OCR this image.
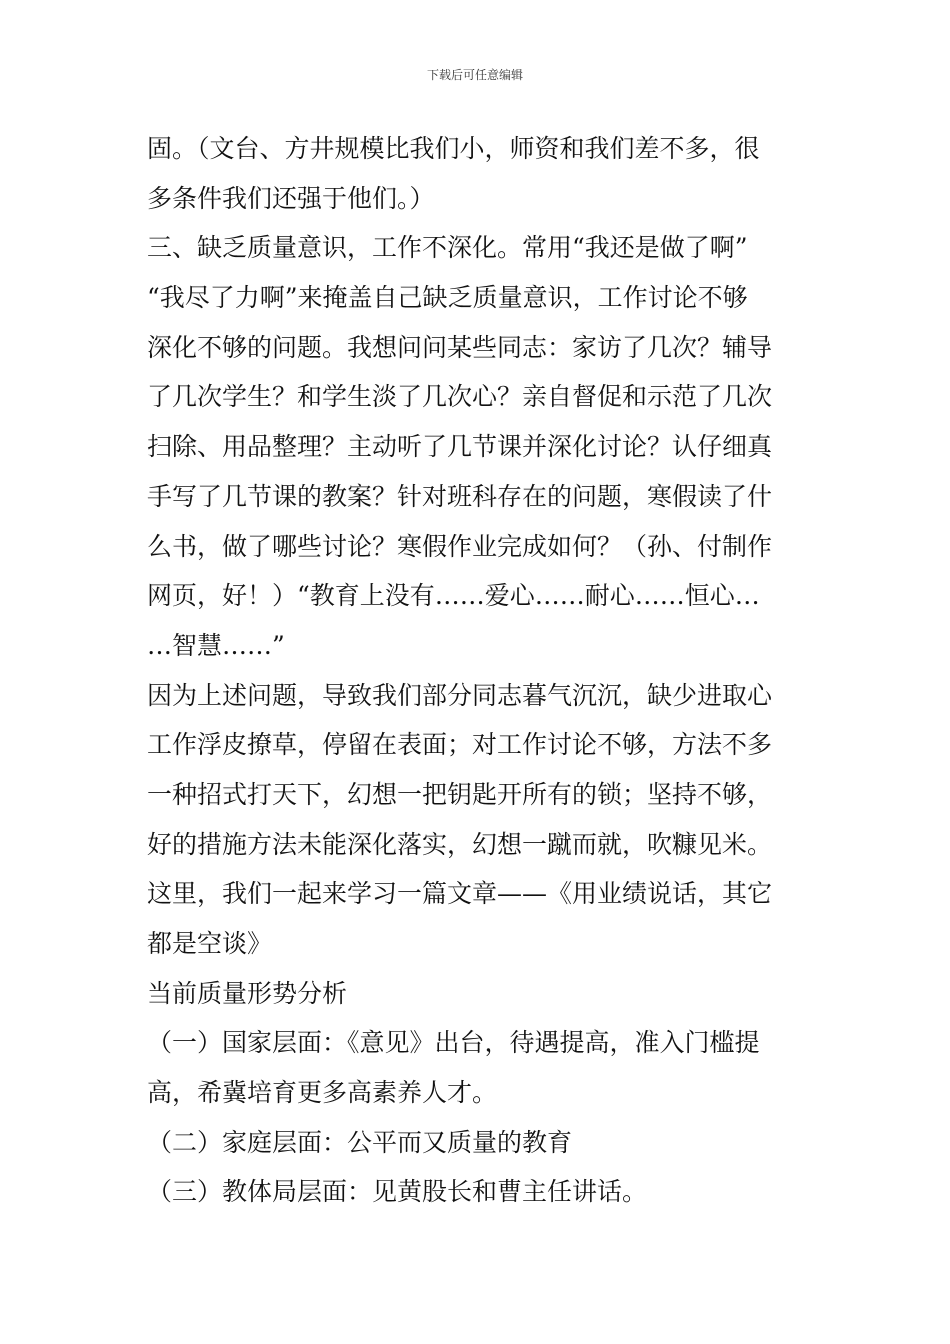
下载后可任意编辑
固。（文台、方井规模比我们小，师资和我们差不多，很
多条件我们还强于他们。）
三、缺乏质量意识，工作不深化。常用“我还是做了啊”
“我尽了力啊”来掩盖自己缺乏质量意识，工作讨论不够
深化不够的问题。我想问问某些同志：家访了几次？辅导
了几次学生？和学生淡了几次心？亲自督促和示范了几次
扫除、用品整理？主动听了几节课并深化讨论？认仔细真
手写了几节课的教案？针对班科存在的问题，寒假读了什
么书，做了哪些讨论？寒假作业完成如何？（孙、付制作
网页，好！）“教育上没有……爱心……耐心……恒心…
…智慧……”
因为上述问题，导致我们部分同志暮气沉沉，缺少进取心
工作浮皮撩草，停留在表面；对工作讨论不够，方法不多
一种招式打天下，幻想一把钥匙开所有的锁；坚持不够，
好的措施方法未能深化落实，幻想一蹴而就，吹糠见米。
这里，我们一起来学习一篇文章——《用业绩说话，其它
都是空谈》
当前质量形势分析
（一）国家层面：《意见》出台，待遇提高，准入门槛提
高，希冀培育更多高素养人才。
（二）家庭层面：公平而又质量的教育
（三）教体局层面：见黄股长和曹主任讲话。
